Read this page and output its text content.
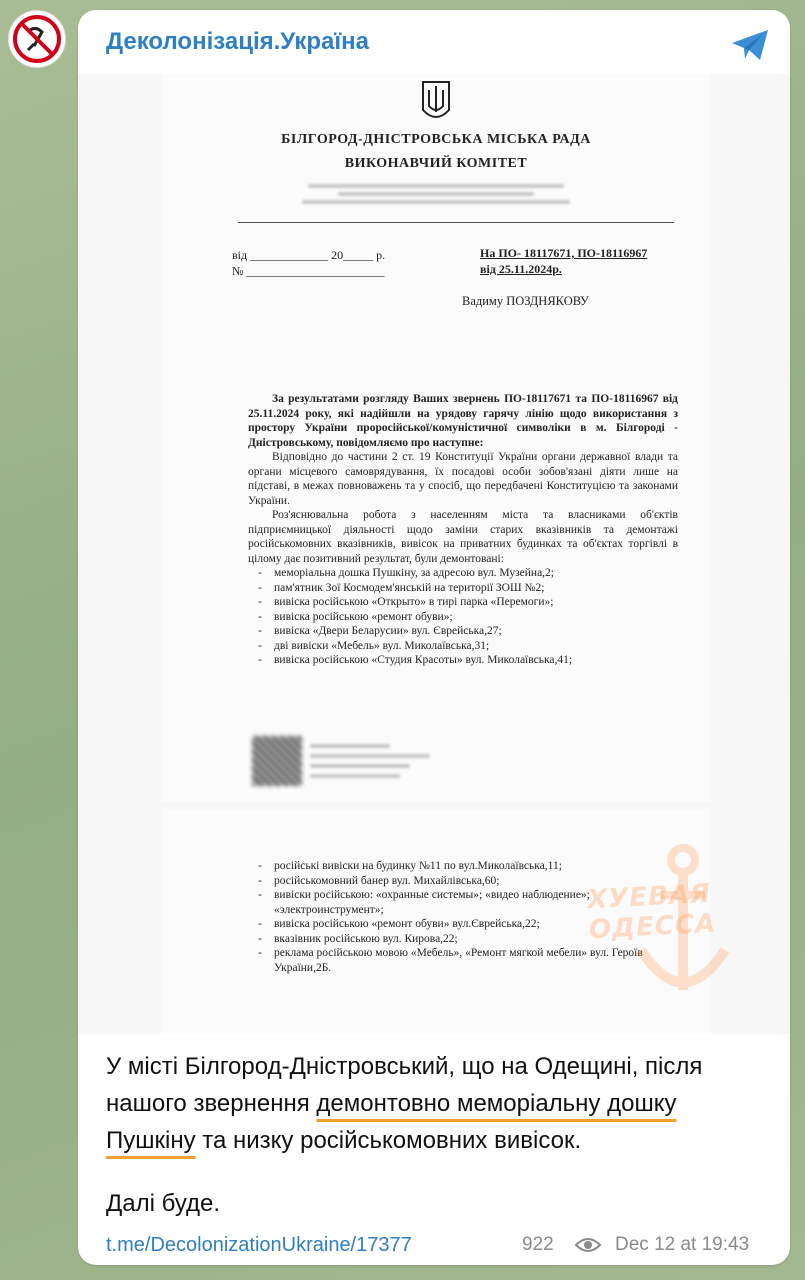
Деколонізація.Україна
БІЛГОРОД-ДНІСТРОВСЬКА МІСЬКА РАДА
ВИКОНАВЧИЙ КОМІТЕТ
від _____________ 20_____ р.
№ _______________________
На ПО- 18117671, ПО-18116967
від 25.11.2024р.
Вадиму ПОЗДНЯКОВУ

За результатами розгляду Ваших звернень ПО-18117671 та ПО-18116967 від 25.11.2024 року, які надійшли на урядову гарячу лінію щодо використання з простору України проросійської/комуністичної символіки в м. Білгороді - Дністровському, повідомляємо про наступне:

Відповідно до частини 2 ст. 19 Конституції України органи державної влади та органи місцевого самоврядування, їх посадові особи зобов'язані діяти лише на підставі, в межах повноважень та у спосіб, що передбачені Конституцією та законами України.

Роз'яснювальна робота з населенням міста та власниками об'єктів підприємницької діяльності щодо заміни старих вказівників та демонтажі російськомовних вказівників, вивісок на приватних будинках та об'єктах торгівлі в цілому дає позитивний результат, були демонтовані:

- меморіальна дошка Пушкіну, за адресою вул. Музейна,2;
- пам'ятник Зої Космодем'янській на території ЗОШ №2;
- вивіска російською «Открыто» в тирі парка «Перемоги»;
- вивіска російською «ремонт обуви»;
- вивіска «Двери Беларусии» вул. Єврейська,27;
- дві вивіски «Мебель» вул. Миколаївська,31;
- вивіска російською «Студия Красоты» вул. Миколаївська,41;
- російські вивіски на будинку №11 по вул.Миколаївська,11;
- російськомовний банер вул. Михайлівська,60;
- вивіски російською: «охранные системы»; «видео наблюдение»; «электроинструмент»;
- вивіска російською «ремонт обуви» вул.Єврейська,22;
- вказівник російською вул. Кирова,22;
- реклама російською мовою «Мебель», «Ремонт мягкой мебели» вул. Героїв України,2Б.
ХУЕВАЯ ОДЕССА
У місті Білгород-Дністровський, що на Одещині, після нашого звернення демонтовно меморіальну дошку Пушкіну та низку російськомовних вивісок.
Далі буде.
t.me/DecolonizationUkraine/17377	922	Dec 12 at 19:43
